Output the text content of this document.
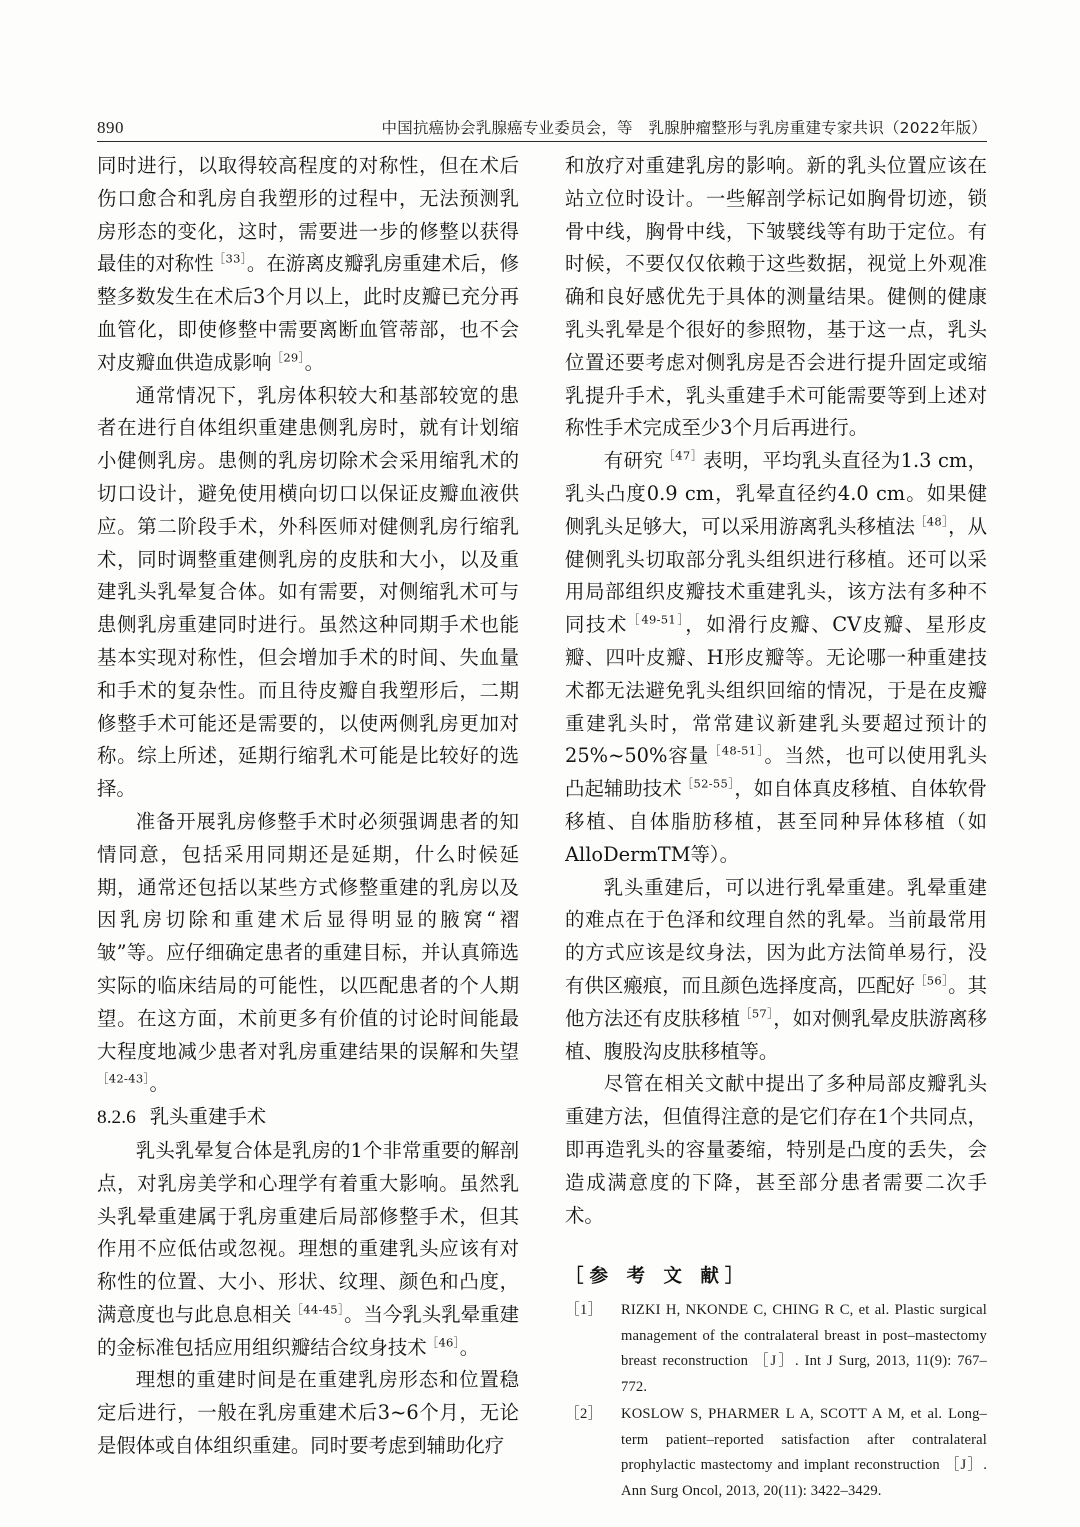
890	中国抗癌协会乳腺癌专业委员会，等　乳腺肿瘤整形与乳房重建专家共识（2022年版）

同时进行，以取得较高程度的对称性，但在术后伤口愈合和乳房自我塑形的过程中，无法预测乳房形态的变化，这时，需要进一步的修整以获得最佳的对称性$^{[33]}$。在游离皮瓣乳房重建术后，修整多数发生在术后3个月以上，此时皮瓣已充分再血管化，即使修整中需要离断血管蒂部，也不会对皮瓣血供造成影响$^{[29]}$。

通常情况下，乳房体积较大和基部较宽的患者在进行自体组织重建患侧乳房时，就有计划缩小健侧乳房。患侧的乳房切除术会采用缩乳术的切口设计，避免使用横向切口以保证皮瓣血液供应。第二阶段手术，外科医师对健侧乳房行缩乳术，同时调整重建侧乳房的皮肤和大小，以及重建乳头乳晕复合体。如有需要，对侧缩乳术可与患侧乳房重建同时进行。虽然这种同期手术也能基本实现对称性，但会增加手术的时间、失血量和手术的复杂性。而且待皮瓣自我塑形后，二期修整手术可能还是需要的，以使两侧乳房更加对称。综上所述，延期行缩乳术可能是比较好的选择。

准备开展乳房修整手术时必须强调患者的知情同意，包括采用同期还是延期，什么时候延期，通常还包括以某些方式修整重建的乳房以及因乳房切除和重建术后显得明显的腋窝“褶皱”等。应仔细确定患者的重建目标，并认真筛选实际的临床结局的可能性，以匹配患者的个人期望。在这方面，术前更多有价值的讨论时间能最大程度地减少患者对乳房重建结果的误解和失望$^{[42-43]}$。

8.2.6 乳头重建手术

乳头乳晕复合体是乳房的1个非常重要的解剖点，对乳房美学和心理学有着重大影响。虽然乳头乳晕重建属于乳房重建后局部修整手术，但其作用不应低估或忽视。理想的重建乳头应该有对称性的位置、大小、形状、纹理、颜色和凸度，满意度也与此息息相关$^{[44-45]}$。当今乳头乳晕重建的金标准包括应用组织瓣结合纹身技术$^{[46]}$。

理想的重建时间是在重建乳房形态和位置稳定后进行，一般在乳房重建术后3~6个月，无论是假体或自体组织重建。同时要考虑到辅助化疗

和放疗对重建乳房的影响。新的乳头位置应该在站立位时设计。一些解剖学标记如胸骨切迹，锁骨中线，胸骨中线，下皱襞线等有助于定位。有时候，不要仅仅依赖于这些数据，视觉上外观准确和良好感优先于具体的测量结果。健侧的健康乳头乳晕是个很好的参照物，基于这一点，乳头位置还要考虑对侧乳房是否会进行提升固定或缩乳提升手术，乳头重建手术可能需要等到上述对称性手术完成至少3个月后再进行。

有研究$^{[47]}$表明，平均乳头直径为1.3 cm，乳头凸度0.9 cm，乳晕直径约4.0 cm。如果健侧乳头足够大，可以采用游离乳头移植法$^{[48]}$，从健侧乳头切取部分乳头组织进行移植。还可以采用局部组织皮瓣技术重建乳头，该方法有多种不同技术$^{[49-51]}$，如滑行皮瓣、CV皮瓣、星形皮瓣、四叶皮瓣、H形皮瓣等。无论哪一种重建技术都无法避免乳头组织回缩的情况，于是在皮瓣重建乳头时，常常建议新建乳头要超过预计的25%~50%容量$^{[48-51]}$。当然，也可以使用乳头凸起辅助技术$^{[52-55]}$，如自体真皮移植、自体软骨移植、自体脂肪移植，甚至同种异体移植（如AlloDermTM等）。

乳头重建后，可以进行乳晕重建。乳晕重建的难点在于色泽和纹理自然的乳晕。当前最常用的方式应该是纹身法，因为此方法简单易行，没有供区瘢痕，而且颜色选择度高，匹配好$^{[56]}$。其他方法还有皮肤移植$^{[57]}$，如对侧乳晕皮肤游离移植、腹股沟皮肤移植等。

尽管在相关文献中提出了多种局部皮瓣乳头重建方法，但值得注意的是它们存在1个共同点，即再造乳头的容量萎缩，特别是凸度的丢失，会造成满意度的下降，甚至部分患者需要二次手术。

［参 考 文 献］
［1］	RIZKI H, NKONDE C, CHING R C, et al. Plastic surgical management of the contralateral breast in post–mastectomy breast reconstruction ［J］. Int J Surg, 2013, 11(9): 767–772.
［2］	KOSLOW S, PHARMER L A, SCOTT A M, et al. Long–term patient–reported satisfaction after contralateral prophylactic mastectomy and implant reconstruction ［J］. Ann Surg Oncol, 2013, 20(11): 3422–3429.
